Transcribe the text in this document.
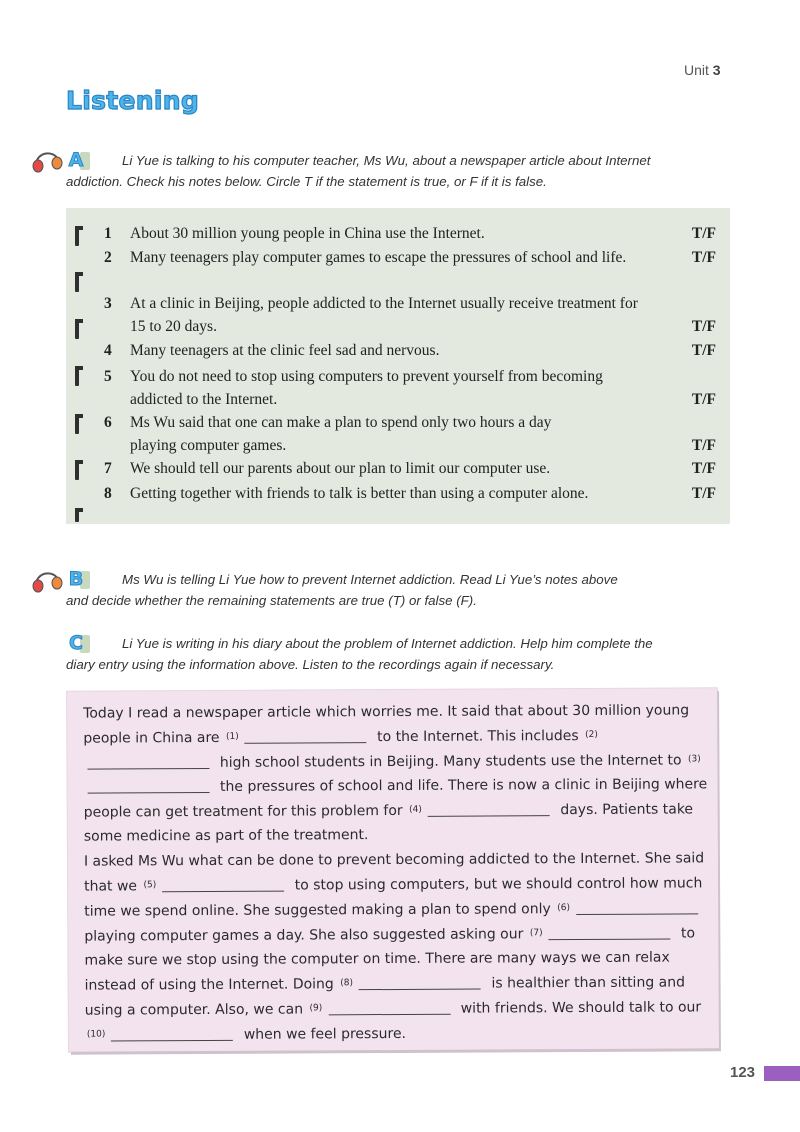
Unit 3
Listening
A	Li Yue is talking to his computer teacher, Ms Wu, about a newspaper article about Internet
addiction. Check his notes below. Circle T if the statement is true, or F if it is false.
1 About 30 million young people in China use the Internet.	T/F
2 Many teenagers play computer games to escape the pressures of school and life.	T/F
3 At a clinic in Beijing, people addicted to the Internet usually receive treatment for 15 to 20 days.	T/F
4 Many teenagers at the clinic feel sad and nervous.	T/F
5 You do not need to stop using computers to prevent yourself from becoming addicted to the Internet.	T/F
6 Ms Wu said that one can make a plan to spend only two hours a day playing computer games.	T/F
7 We should tell our parents about our plan to limit our computer use.	T/F
8 Getting together with friends to talk is better than using a computer alone.	T/F
B	Ms Wu is telling Li Yue how to prevent Internet addiction. Read Li Yue’s notes above
and decide whether the remaining statements are true (T) or false (F).
C	Li Yue is writing in his diary about the problem of Internet addiction. Help him complete the
diary entry using the information above. Listen to the recordings again if necessary.

Today I read a newspaper article which worries me. It said that about 30 million young people in China are $^{(1)}$	to the Internet. This includes $^{(2)}$ high school students in Beijing. Many students use the Internet to $^{(3)}$ the pressures of school and life. There is now a clinic in Beijing where people can get treatment for this problem for $^{(4)}$	days. Patients take some medicine as part of the treatment.

I asked Ms Wu what can be done to prevent becoming addicted to the Internet. She said that we $^{(5)}$	to stop using computers, but we should control how much time we spend online. She suggested making a plan to spend only $^{(6)}$ playing computer games a day. She also suggested asking our $^{(7)}$	to make sure we stop using the computer on time. There are many ways we can relax instead of using the Internet. Doing $^{(8)}$	is healthier than sitting and using a computer. Also, we can $^{(9)}$	with friends. We should talk to our $^{(10)}$	when we feel pressure.

123
